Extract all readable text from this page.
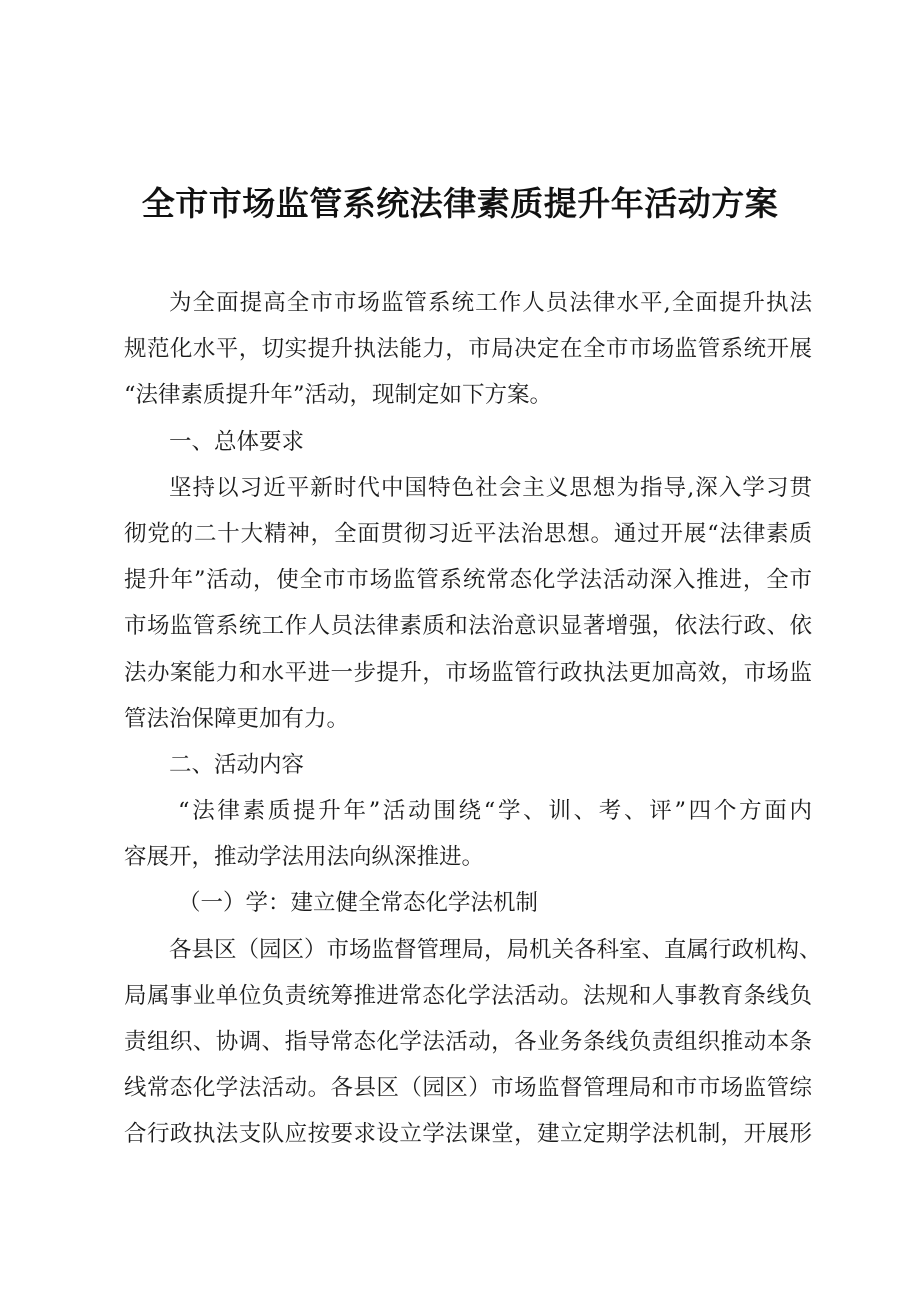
全市市场监管系统法律素质提升年活动方案
为全面提高全市市场监管系统工作人员法律水平,全面提升执法
规范化水平，切实提升执法能力，市局决定在全市市场监管系统开展
“法律素质提升年”活动，现制定如下方案。
一、总体要求
坚持以习近平新时代中国特色社会主义思想为指导,深入学习贯
彻党的二十大精神，全面贯彻习近平法治思想。通过开展“法律素质
提升年”活动，使全市市场监管系统常态化学法活动深入推进，全市
市场监管系统工作人员法律素质和法治意识显著增强，依法行政、依
法办案能力和水平进一步提升，市场监管行政执法更加高效，市场监
管法治保障更加有力。
二、活动内容
“法律素质提升年”活动围绕“学、训、考、评”四个方面内
容展开，推动学法用法向纵深推进。
（一）学：建立健全常态化学法机制
各县区（园区）市场监督管理局，局机关各科室、直属行政机构、
局属事业单位负责统筹推进常态化学法活动。法规和人事教育条线负
责组织、协调、指导常态化学法活动，各业务条线负责组织推动本条
线常态化学法活动。各县区（园区）市场监督管理局和市市场监管综
合行政执法支队应按要求设立学法课堂，建立定期学法机制，开展形
